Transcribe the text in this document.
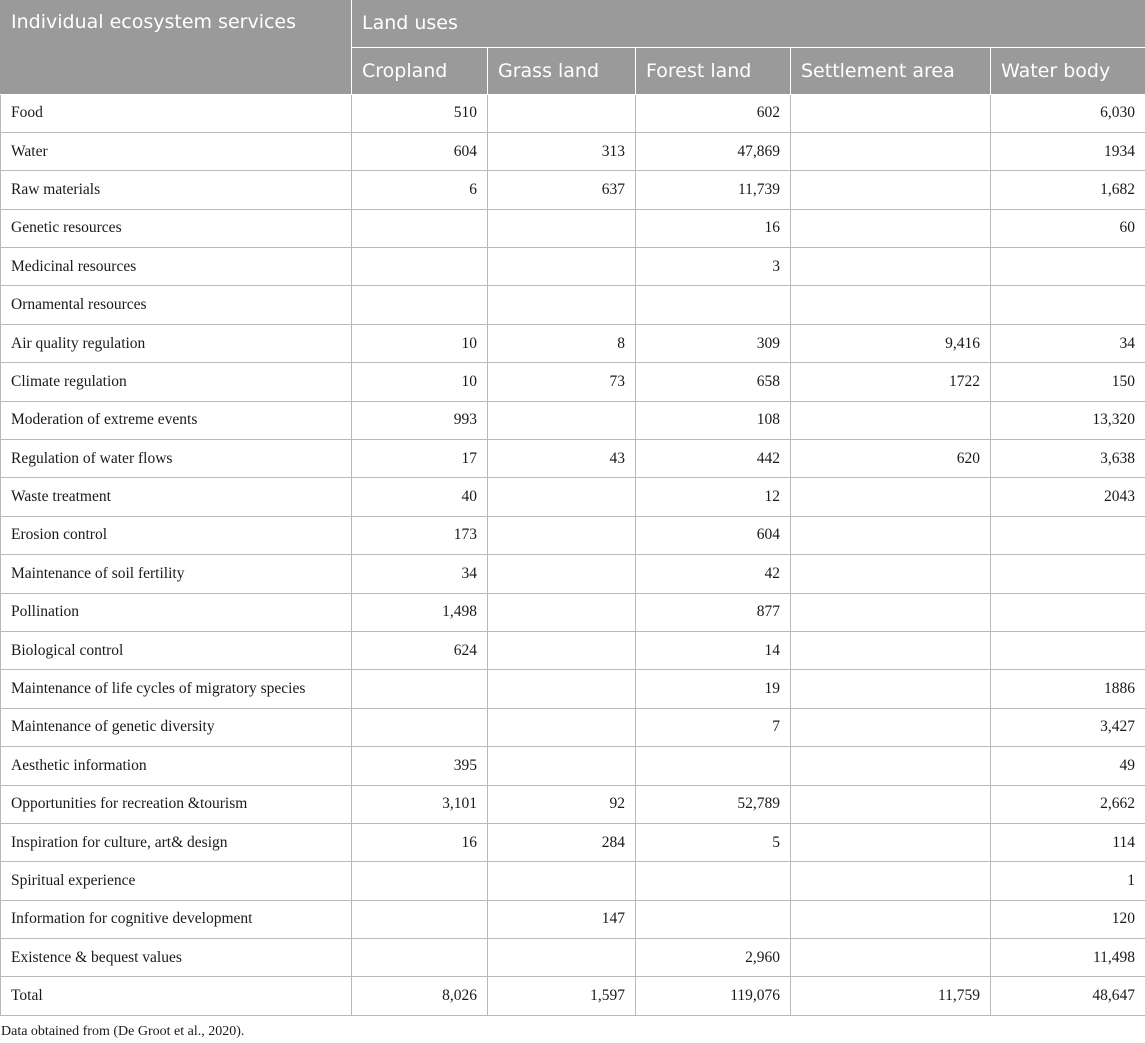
Individual ecosystem services	Land uses				
	Cropland	Grass land	Forest land	Settlement area	Water body
Food	510		602		6,030
Water	604	313	47,869		1934
Raw materials	6	637	11,739		1,682
Genetic resources			16		60
Medicinal resources			3		
Ornamental resources					
Air quality regulation	10	8	309	9,416	34
Climate regulation	10	73	658	1722	150
Moderation of extreme events	993		108		13,320
Regulation of water flows	17	43	442	620	3,638
Waste treatment	40		12		2043
Erosion control	173		604		
Maintenance of soil fertility	34		42		
Pollination	1,498		877		
Biological control	624		14		
Maintenance of life cycles of migratory species			19		1886
Maintenance of genetic diversity			7		3,427
Aesthetic information	395				49
Opportunities for recreation &tourism	3,101	92	52,789		2,662
Inspiration for culture, art& design	16	284	5		114
Spiritual experience					1
Information for cognitive development		147			120
Existence & bequest values			2,960		11,498
Total	8,026	1,597	119,076	11,759	48,647
Data obtained from (De Groot et al., 2020).
